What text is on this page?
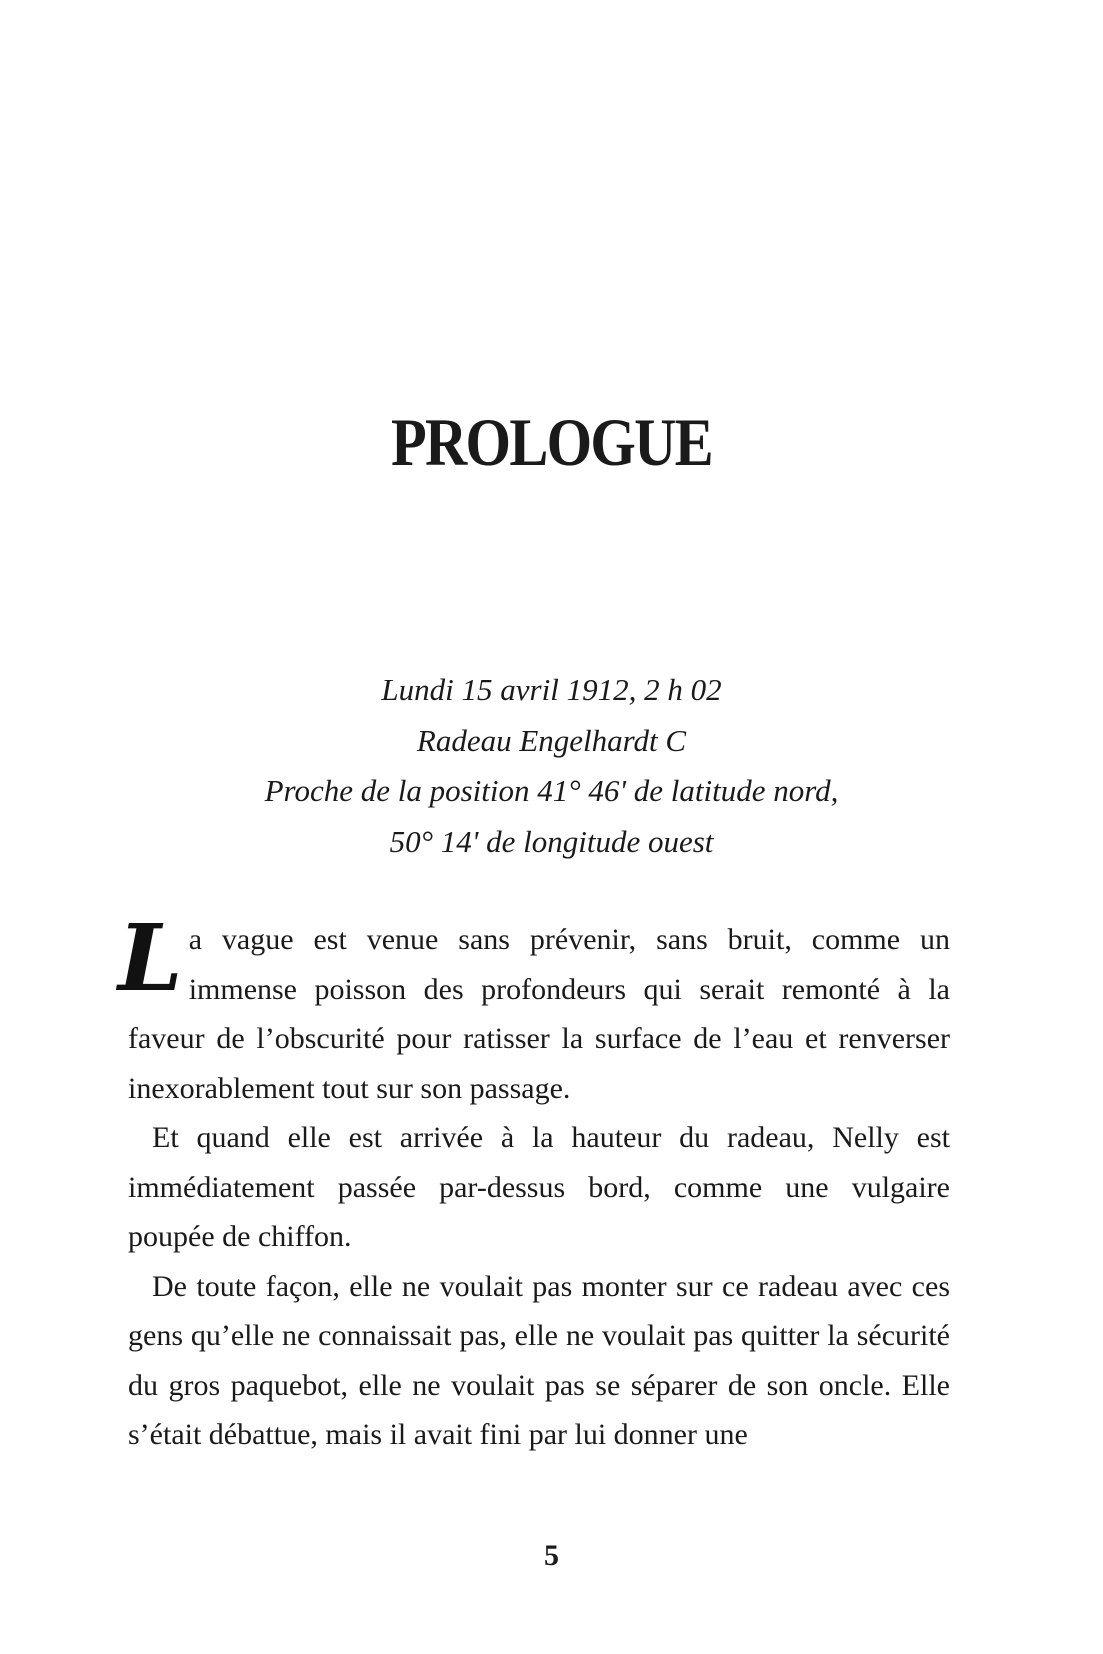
PROLOGUE
Lundi 15 avril 1912, 2 h 02
Radeau Engelhardt C
Proche de la position 41° 46' de latitude nord,
50° 14' de longitude ouest

La vague est venue sans prévenir, sans bruit, comme un immense poisson des profondeurs qui serait remonté à la faveur de l’obscurité pour ratisser la surface de l’eau et renverser inexorablement tout sur son passage.

Et quand elle est arrivée à la hauteur du radeau, Nelly est immédiatement passée par-dessus bord, comme une vulgaire poupée de chiffon.

De toute façon, elle ne voulait pas monter sur ce radeau avec ces gens qu’elle ne connaissait pas, elle ne voulait pas quitter la sécurité du gros paquebot, elle ne voulait pas se séparer de son oncle. Elle s’était débattue, mais il avait fini par lui donner une

5
